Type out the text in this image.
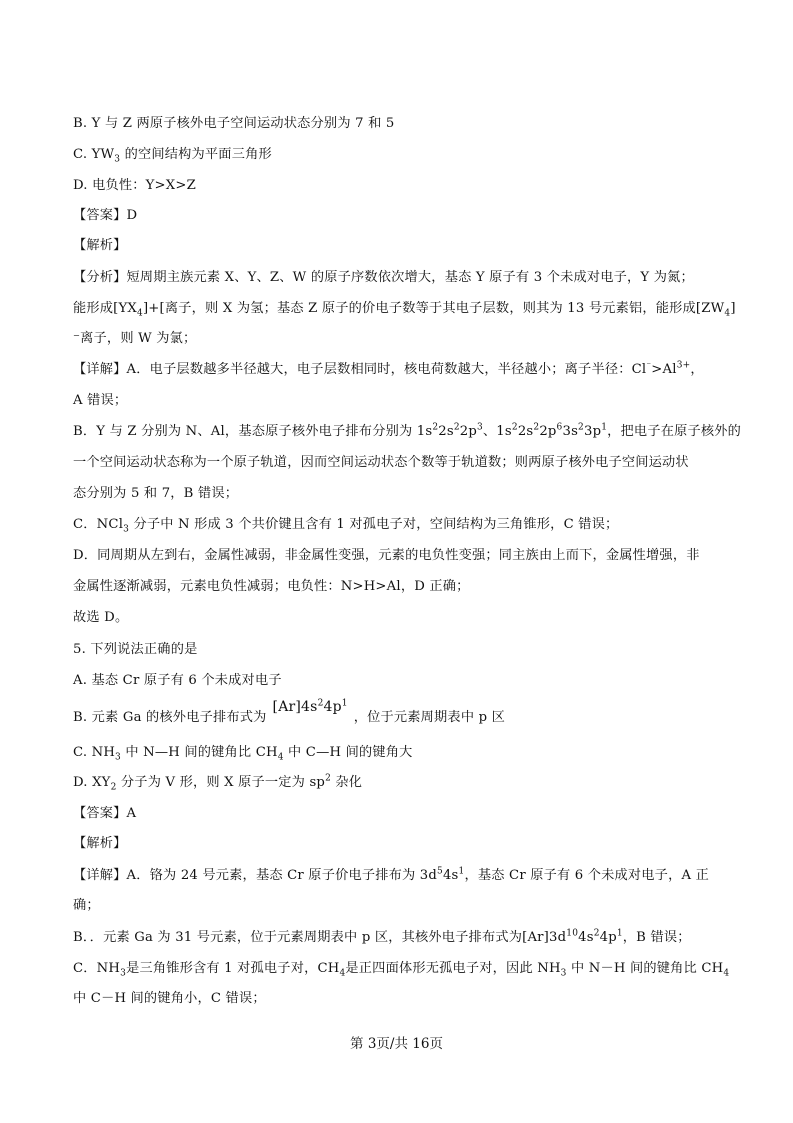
B. Y 与 Z 两原子核外电子空间运动状态分别为 7 和 5
C. $YW_3$ 的空间结构为平面三角形
D. 电负性：Y>X>Z
【答案】D
【解析】
【分析】短周期主族元素 X、Y、Z、W 的原子序数依次增大，基态 Y 原子有 3 个未成对电子，Y 为氮；
能形成$[YX_4]+$[离子，则 X 为氢；基态 Z 原子的价电子数等于其电子层数，则其为 13 号元素铝，能形成$[ZW_4]$
⁻离子，则 W 为氯；
【详解】A．电子层数越多半径越大，电子层数相同时，核电荷数越大，半径越小；离子半径：$Cl^{^-}>Al^{3+}$，
A 错误；
B．Y 与 Z 分别为 N、Al，基态原子核外电子排布分别为 $1s^22s^22p^3$、$1s^22s^22p^63s^23p^1$，把电子在原子核外的
一个空间运动状态称为一个原子轨道，因而空间运动状态个数等于轨道数；则两原子核外电子空间运动状
态分别为 5 和 7，B 错误；
C．NCl$_3$ 分子中 N 形成 3 个共价键且含有 1 对孤电子对，空间结构为三角锥形，C 错误；
D．同周期从左到右，金属性减弱，非金属性变强，元素的电负性变强；同主族由上而下，金属性增强，非
金属性逐渐减弱，元素电负性减弱；电负性：N>H>Al，D 正确；
故选 D。
5. 下列说法正确的是
A. 基态 Cr 原子有 6 个未成对电子
B. 元素 Ga 的核外电子排布式为$[Ar]4s^24p^1$，位于元素周期表中 p 区
C. $NH_3$ 中 N—H 间的键角比 $CH_4$ 中 C—H 间的键角大
D. $XY_2$ 分子为 V 形，则 X 原子一定为 $sp^2$ 杂化
【答案】A
【解析】
【详解】A．铬为 24 号元素，基态 Cr 原子价电子排布为 $3d^54s^1$，基态 Cr 原子有 6 个未成对电子，A 正
确；
B．．元素 Ga 为 31 号元素，位于元素周期表中 p 区，其核外电子排布式为$[Ar]3d^{10}4s^24p^1$，B 错误；
C．$NH_3$是三角锥形含有 1 对孤电子对，$CH_4$是正四面体形无孤电子对，因此 $NH_3$ 中 N－H 间的键角比 $CH_4$
中 C－H 间的键角小，C 错误；
第 3页/共 16页
